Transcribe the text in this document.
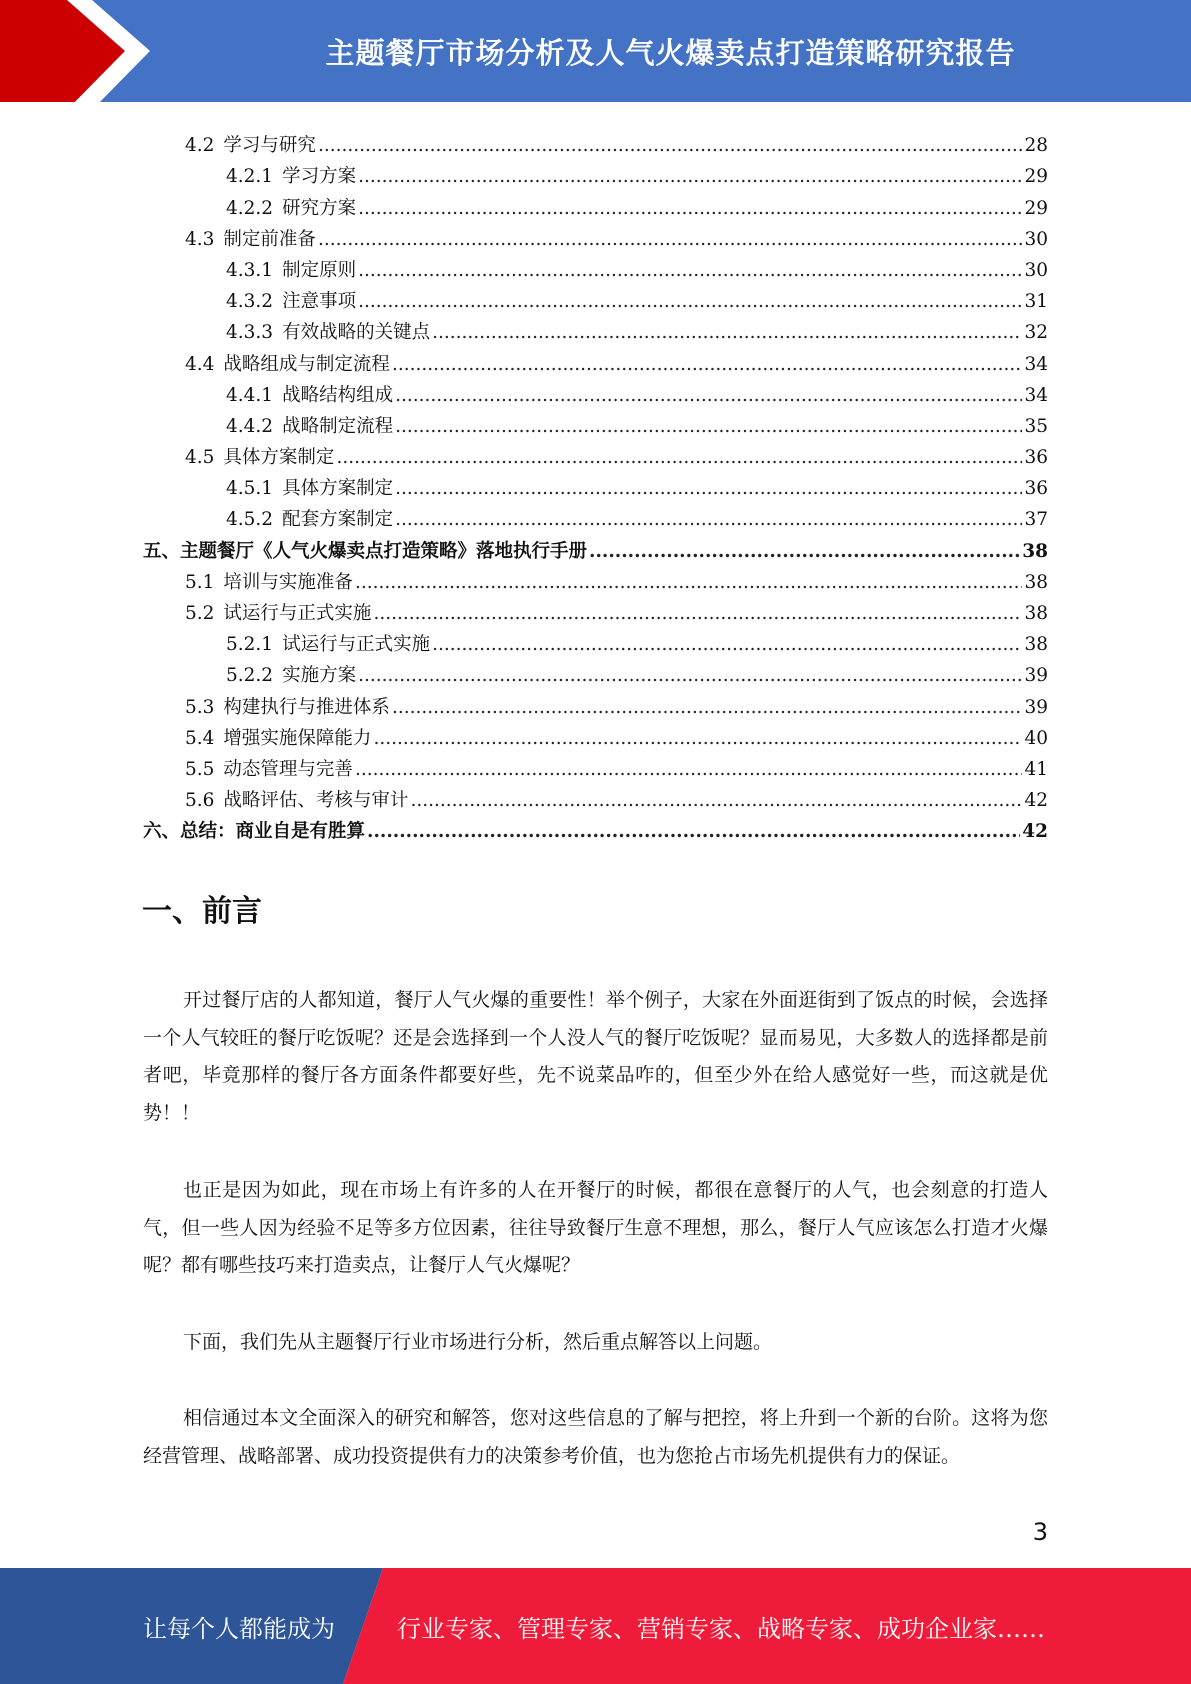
主题餐厅市场分析及人气火爆卖点打造策略研究报告
4.2 学习与研究 .....	28
4.2.1 学习方案 .....	29
4.2.2 研究方案 .....	29
4.3 制定前准备 .....	30
4.3.1 制定原则 .....	30
4.3.2 注意事项 .....	31
4.3.3 有效战略的关键点 .....	32
4.4 战略组成与制定流程 .....	34
4.4.1 战略结构组成 .....	34
4.4.2 战略制定流程 .....	35
4.5 具体方案制定 .....	36
4.5.1 具体方案制定 .....	36
4.5.2 配套方案制定 .....	37
五、主题餐厅《人气火爆卖点打造策略》落地执行手册 .....	38
5.1 培训与实施准备 .....	38
5.2 试运行与正式实施 .....	38
5.2.1 试运行与正式实施 .....	38
5.2.2 实施方案 .....	39
5.3 构建执行与推进体系 .....	39
5.4 增强实施保障能力 .....	40
5.5 动态管理与完善 .....	41
5.6 战略评估、考核与审计 .....	42
六、总结：商业自是有胜算 .....	42
一、前言

开过餐厅店的人都知道，餐厅人气火爆的重要性！举个例子，大家在外面逛街到了饭点的时候，会选择一个人气较旺的餐厅吃饭呢？还是会选择到一个人没人气的餐厅吃饭呢？显而易见，大多数人的选择都是前者吧，毕竟那样的餐厅各方面条件都要好些，先不说菜品咋的，但至少外在给人感觉好一些，而这就是优势！！

也正是因为如此，现在市场上有许多的人在开餐厅的时候，都很在意餐厅的人气，也会刻意的打造人气，但一些人因为经验不足等多方位因素，往往导致餐厅生意不理想，那么，餐厅人气应该怎么打造才火爆呢？都有哪些技巧来打造卖点，让餐厅人气火爆呢？

下面，我们先从主题餐厅行业市场进行分析，然后重点解答以上问题。

相信通过本文全面深入的研究和解答，您对这些信息的了解与把控，将上升到一个新的台阶。这将为您经营管理、战略部署、成功投资提供有力的决策参考价值，也为您抢占市场先机提供有力的保证。

3
让每个人都能成为	行业专家、管理专家、营销专家、战略专家、成功企业家……
